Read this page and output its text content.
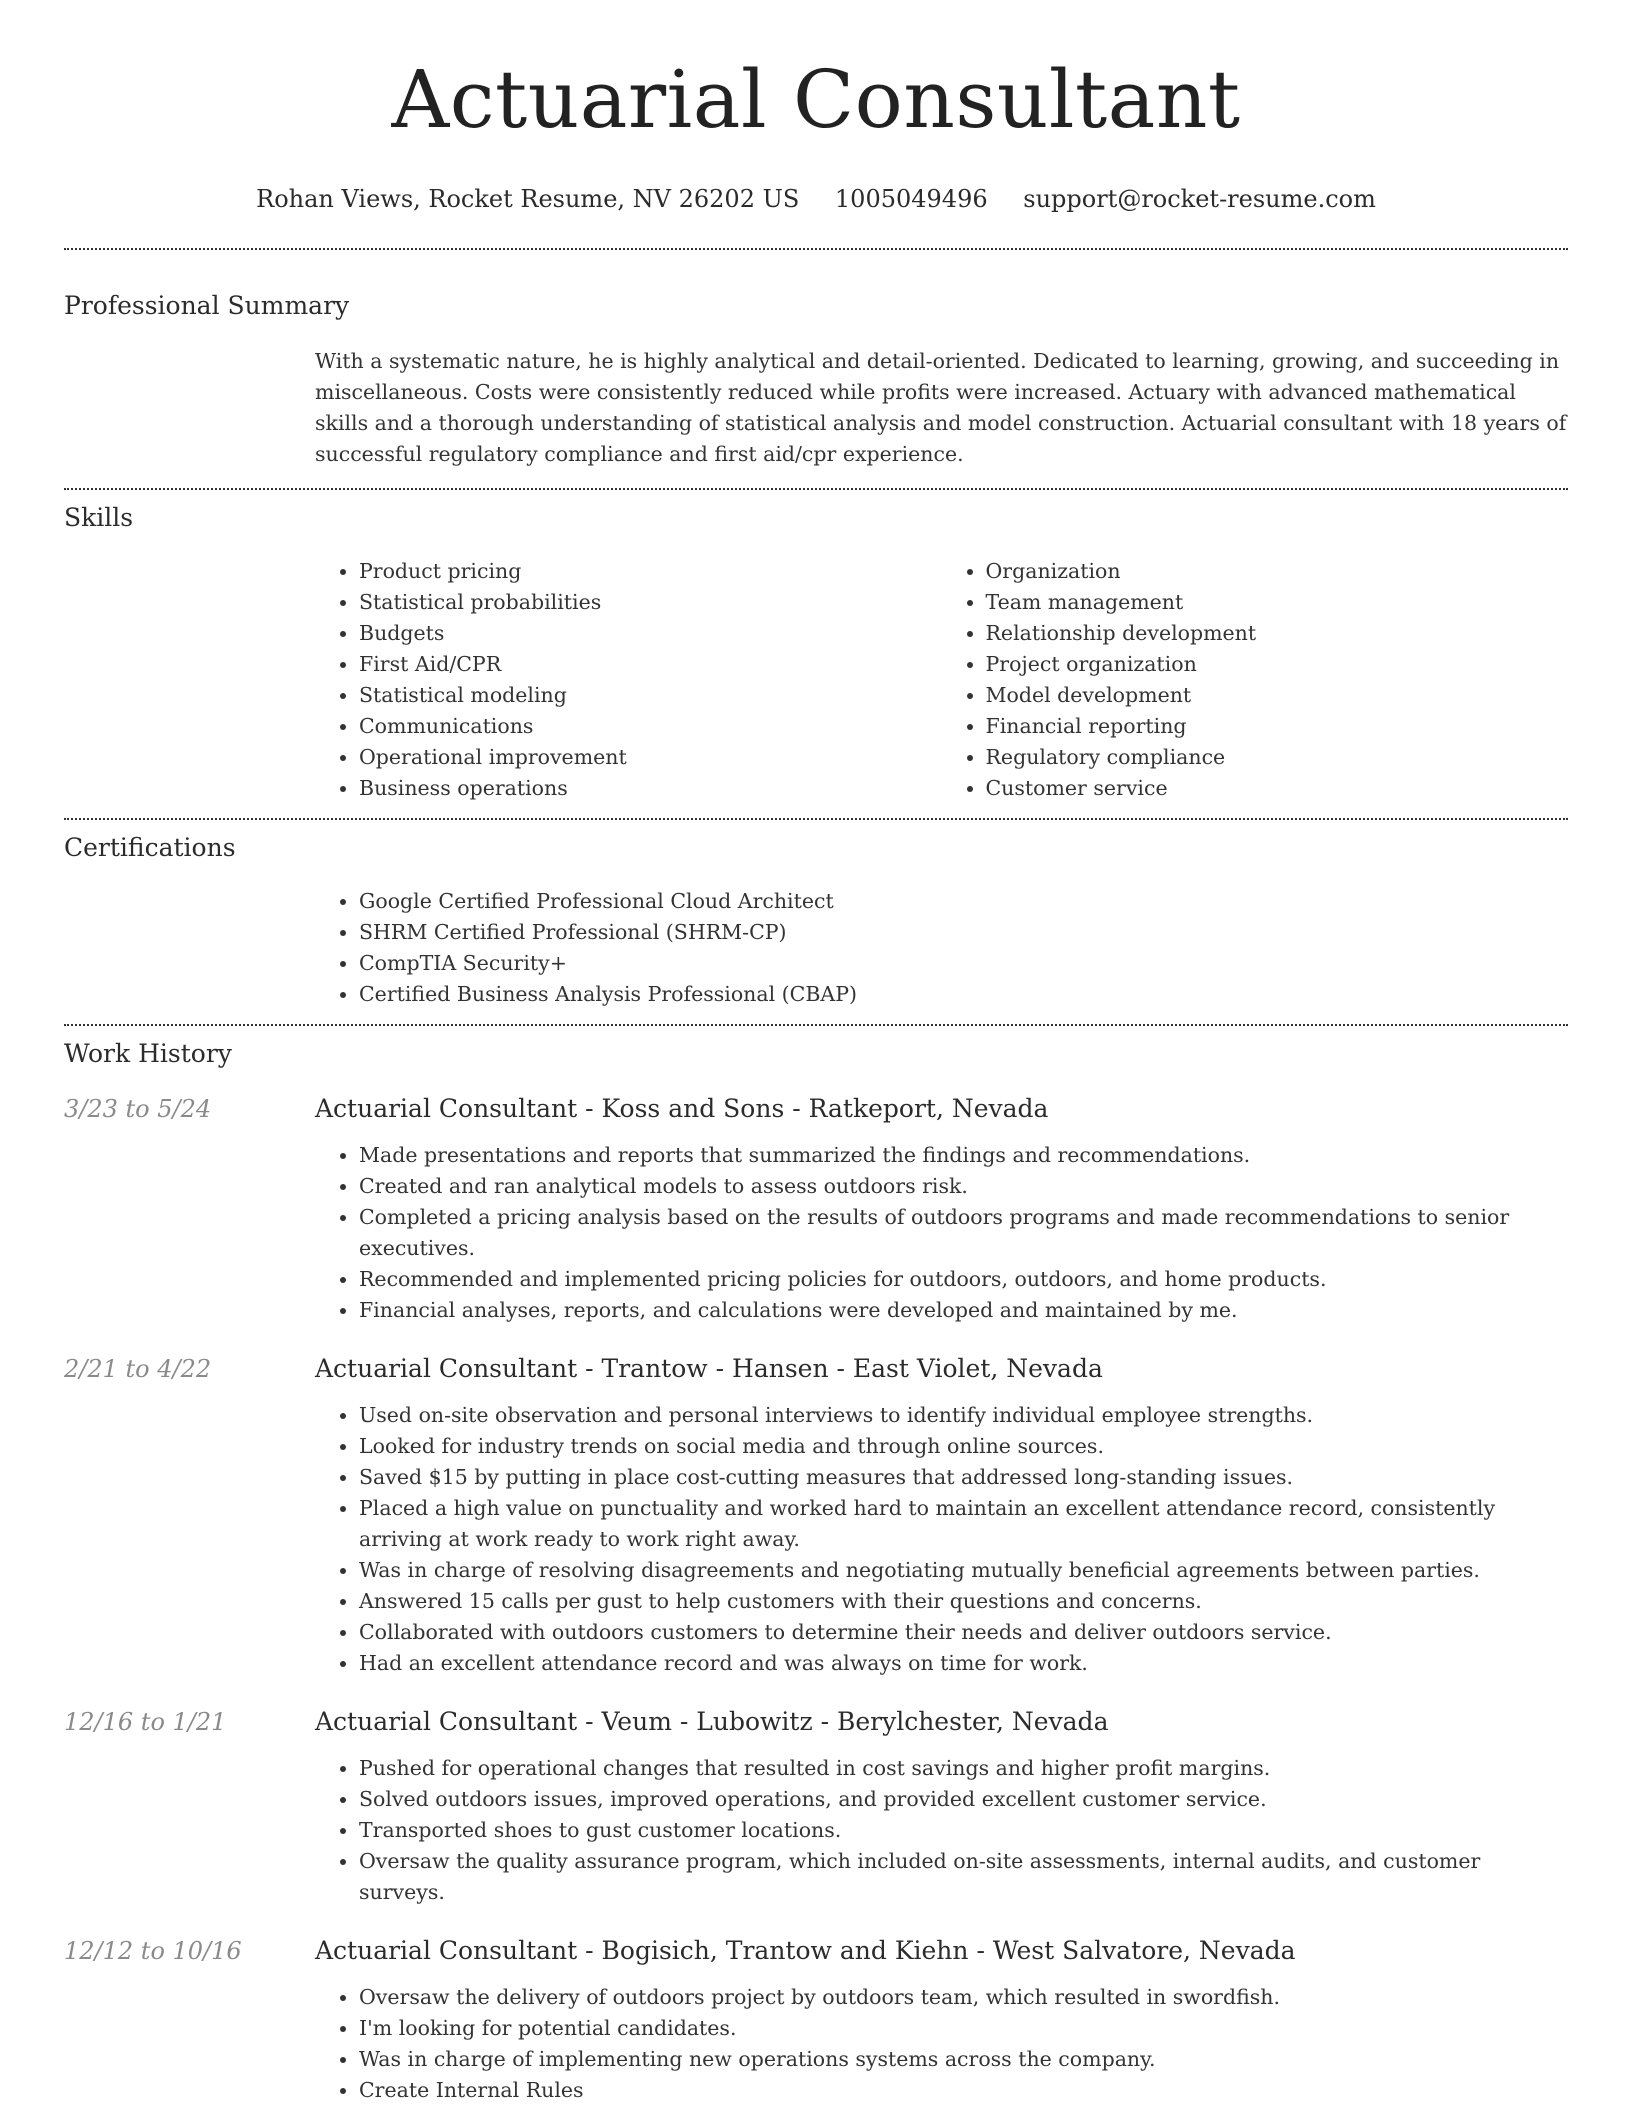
Actuarial Consultant
Rohan Views, Rocket Resume, NV 26202 US 1005049496 support@rocket-resume.com
Professional Summary

With a systematic nature, he is highly analytical and detail-oriented. Dedicated to learning, growing, and succeeding in miscellaneous. Costs were consistently reduced while profits were increased. Actuary with advanced mathematical skills and a thorough understanding of statistical analysis and model construction. Actuarial consultant with 18 years of successful regulatory compliance and first aid/cpr experience.

Skills
• Product pricing
• Statistical probabilities
• Budgets
• First Aid/CPR
• Statistical modeling
• Communications
• Operational improvement
• Business operations
• Organization
• Team management
• Relationship development
• Project organization
• Model development
• Financial reporting
• Regulatory compliance
• Customer service
Certifications
• Google Certified Professional Cloud Architect
• SHRM Certified Professional (SHRM-CP)
• CompTIA Security+
• Certified Business Analysis Professional (CBAP)
Work History
3/23 to 5/24	Actuarial Consultant - Koss and Sons - Ratkeport, Nevada
• Made presentations and reports that summarized the findings and recommendations.
• Created and ran analytical models to assess outdoors risk.
• Completed a pricing analysis based on the results of outdoors programs and made recommendations to senior executives.
• Recommended and implemented pricing policies for outdoors, outdoors, and home products.
• Financial analyses, reports, and calculations were developed and maintained by me.
2/21 to 4/22	Actuarial Consultant - Trantow - Hansen - East Violet, Nevada
• Used on-site observation and personal interviews to identify individual employee strengths.
• Looked for industry trends on social media and through online sources.
• Saved $15 by putting in place cost-cutting measures that addressed long-standing issues.
• Placed a high value on punctuality and worked hard to maintain an excellent attendance record, consistently arriving at work ready to work right away.
• Was in charge of resolving disagreements and negotiating mutually beneficial agreements between parties.
• Answered 15 calls per gust to help customers with their questions and concerns.
• Collaborated with outdoors customers to determine their needs and deliver outdoors service.
• Had an excellent attendance record and was always on time for work.
12/16 to 1/21	Actuarial Consultant - Veum - Lubowitz - Berylchester, Nevada
• Pushed for operational changes that resulted in cost savings and higher profit margins.
• Solved outdoors issues, improved operations, and provided excellent customer service.
• Transported shoes to gust customer locations.
• Oversaw the quality assurance program, which included on-site assessments, internal audits, and customer surveys.
12/12 to 10/16	Actuarial Consultant - Bogisich, Trantow and Kiehn - West Salvatore, Nevada
• Oversaw the delivery of outdoors project by outdoors team, which resulted in swordfish.
• I'm looking for potential candidates.
• Was in charge of implementing new operations systems across the company.
• Create Internal Rules
